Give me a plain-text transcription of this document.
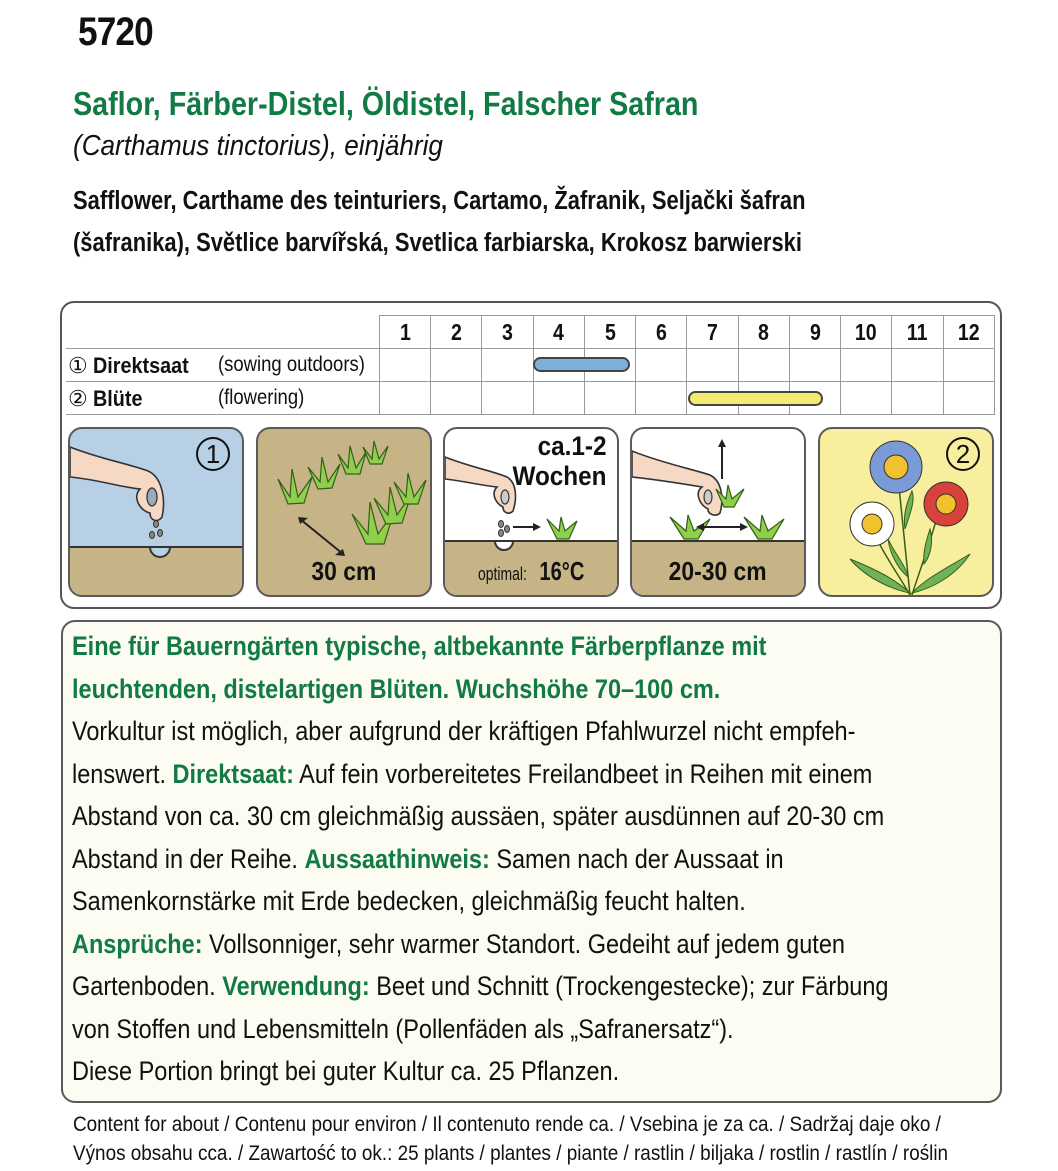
5720
Saflor, Färber-Distel, Öldistel, Falscher Safran
(Carthamus tinctorius), einjährig
Safflower, Carthame des teinturiers, Cartamo, Žafranik, Seljački šafran
(šafranika), Světlice barvířská, Svetlica farbiarska, Krokosz barwierski
	1	2	3	4	5	6	7	8	9	10	11	12

① Direktsaat (sowing outdoors)												

② Blüte (flowering)												

1
30 cm
ca.1-2
Wochen
optimal: 16°C	20-30 cm
2

Eine für Bauerngärten typische, altbekannte Färberpflanze mit

leuchtenden, distelartigen Blüten. Wuchshöhe 70–100 cm.

Vorkultur ist möglich, aber aufgrund der kräftigen Pfahlwurzel nicht empfeh-

lenswert. Direktsaat: Auf fein vorbereitetes Freilandbeet in Reihen mit einem

Abstand von ca. 30 cm gleichmäßig aussäen, später ausdünnen auf 20-30 cm

Abstand in der Reihe. Aussaathinweis: Samen nach der Aussaat in

Samenkornstärke mit Erde bedecken, gleichmäßig feucht halten.

Ansprüche: Vollsonniger, sehr warmer Standort. Gedeiht auf jedem guten

Gartenboden. Verwendung: Beet und Schnitt (Trockengestecke); zur Färbung

von Stoffen und Lebensmitteln (Pollenfäden als „Safranersatz“).

Diese Portion bringt bei guter Kultur ca. 25 Pflanzen.

Content for about / Contenu pour environ / Il contenuto rende ca. / Vsebina je za ca. / Sadržaj daje oko /
Výnos obsahu cca. / Zawartość to ok.: 25 plants / plantes / piante / rastlin / biljaka / rostlin / rastlín / roślin
